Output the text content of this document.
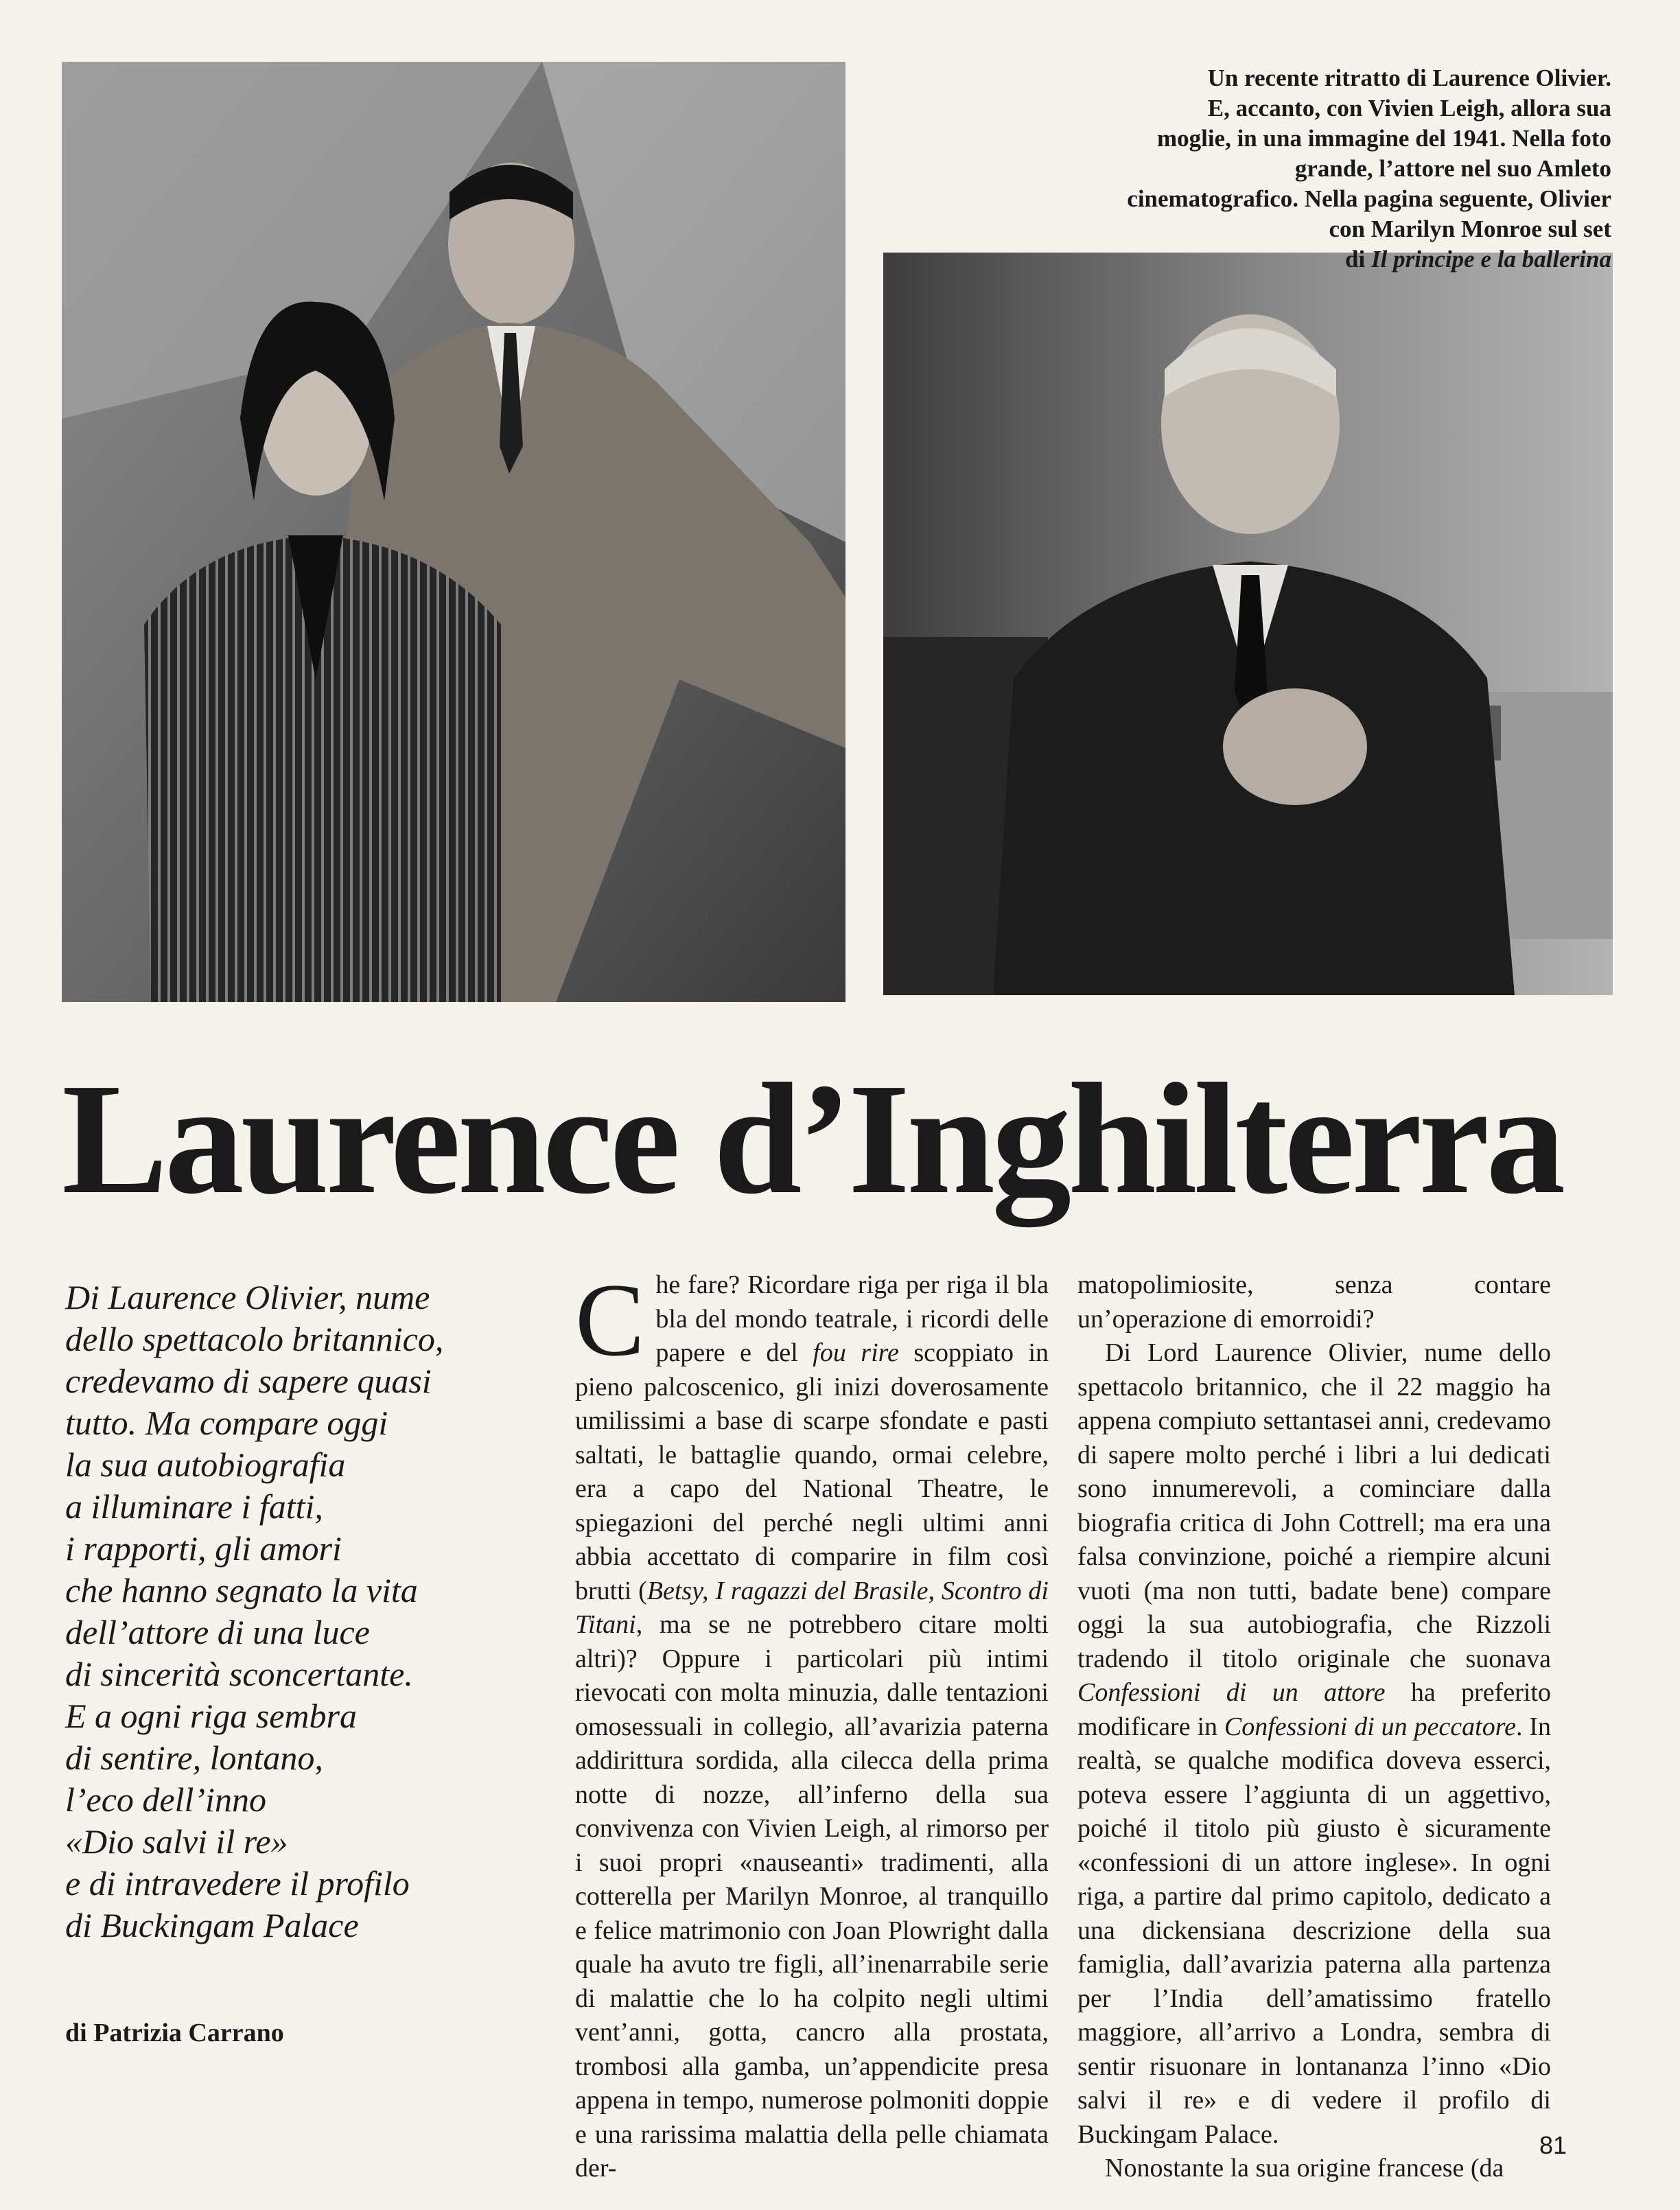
Un recente ritratto di Laurence Olivier.
E, accanto, con Vivien Leigh, allora sua
moglie, in una immagine del 1941. Nella foto
grande, l’attore nel suo Amleto
cinematografico. Nella pagina seguente, Olivier
con Marilyn Monroe sul set
di Il principe e la ballerina
Laurence d’Inghilterra
Di Laurence Olivier, nume
dello spettacolo britannico,
credevamo di sapere quasi
tutto. Ma compare oggi
la sua autobiografia
a illuminare i fatti,
i rapporti, gli amori
che hanno segnato la vita
dell’attore di una luce
di sincerità sconcertante.
E a ogni riga sembra
di sentire, lontano,
l’eco dell’inno
«Dio salvi il re»
e di intravedere il profilo
di Buckingam Palace
di Patrizia Carrano

Che fare? Ricordare riga per riga il bla bla del mondo teatrale, i ricordi delle papere e del fou rire scoppiato in pieno palcoscenico, gli inizi doverosamente umilissimi a base di scarpe sfondate e pasti saltati, le battaglie quando, ormai celebre, era a capo del National Theatre, le spiegazioni del perché negli ultimi anni abbia accettato di comparire in film così brutti (Betsy, I ragazzi del Brasile, Scontro di Titani, ma se ne potrebbero citare molti altri)? Oppure i particolari più intimi rievocati con molta minuzia, dalle tentazioni omosessuali in collegio, all’avarizia paterna addirittura sordida, alla cilecca della prima notte di nozze, all’inferno della sua convivenza con Vivien Leigh, al rimorso per i suoi propri «nauseanti» tradimenti, alla cotterella per Marilyn Monroe, al tranquillo e felice matrimonio con Joan Plowright dalla quale ha avuto tre figli, all’inenarrabile serie di malattie che lo ha colpito negli ultimi vent’anni, gotta, cancro alla prostata, trombosi alla gamba, un’appendicite presa appena in tempo, numerose polmoniti doppie e una rarissima malattia della pelle chiamata der-

matopolimiosite, senza contare un’operazione di emorroidi?

Di Lord Laurence Olivier, nume dello spettacolo britannico, che il 22 maggio ha appena compiuto settantasei anni, credevamo di sapere molto perché i libri a lui dedicati sono innumerevoli, a cominciare dalla biografia critica di John Cottrell; ma era una falsa convinzione, poiché a riempire alcuni vuoti (ma non tutti, badate bene) compare oggi la sua autobiografia, che Rizzoli tradendo il titolo originale che suonava Confessioni di un attore ha preferito modificare in Confessioni di un peccatore. In realtà, se qualche modifica doveva esserci, poteva essere l’aggiunta di un aggettivo, poiché il titolo più giusto è sicuramente «confessioni di un attore inglese». In ogni riga, a partire dal primo capitolo, dedicato a una dickensiana descrizione della sua famiglia, dall’avarizia paterna alla partenza per l’India dell’amatissimo fratello maggiore, all’arrivo a Londra, sembra di sentir risuonare in lontananza l’inno «Dio salvi il re» e di vedere il profilo di Buckingam Palace.

Nonostante la sua origine francese (da

81
